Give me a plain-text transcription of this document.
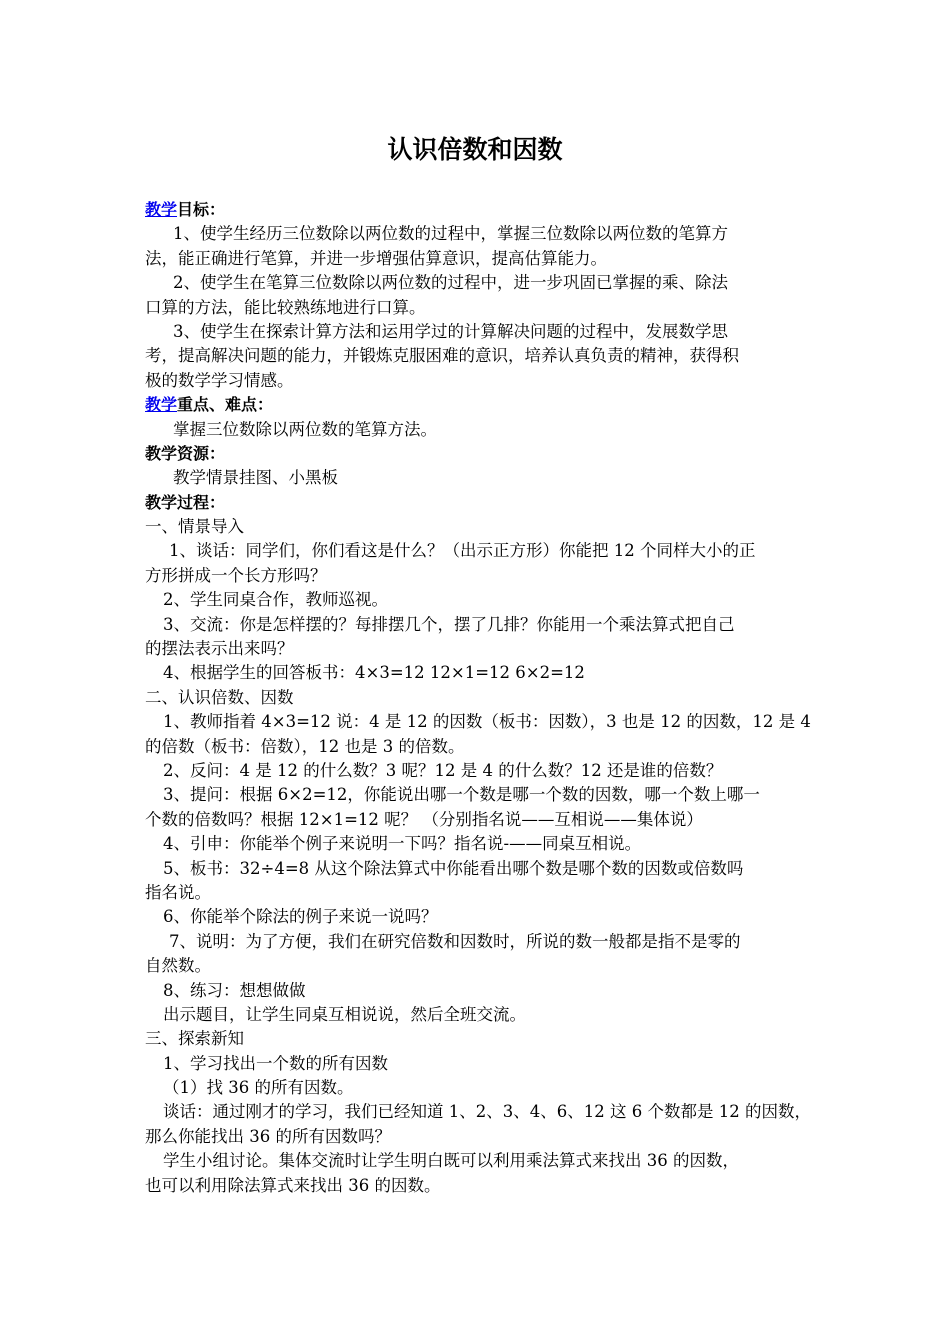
认识倍数和因数
教学目标：
1、使学生经历三位数除以两位数的过程中，掌握三位数除以两位数的笔算方
法，能正确进行笔算，并进一步增强估算意识，提高估算能力。
2、使学生在笔算三位数除以两位数的过程中，进一步巩固已掌握的乘、除法
口算的方法，能比较熟练地进行口算。
3、使学生在探索计算方法和运用学过的计算解决问题的过程中，发展数学思
考，提高解决问题的能力，并锻炼克服困难的意识，培养认真负责的精神，获得积
极的数学学习情感。
教学重点、难点：
掌握三位数除以两位数的笔算方法。
教学资源：
教学情景挂图、小黑板
教学过程：
一、情景导入
1、谈话：同学们，你们看这是什么？（出示正方形）你能把 12 个同样大小的正
方形拼成一个长方形吗？
2、学生同桌合作，教师巡视。
3、交流：你是怎样摆的？每排摆几个，摆了几排？你能用一个乘法算式把自己
的摆法表示出来吗？
4、根据学生的回答板书：4×3=12 12×1=12 6×2=12
二、认识倍数、因数
1、教师指着 4×3=12 说：4 是 12 的因数（板书：因数），3 也是 12 的因数，12 是 4
的倍数（板书：倍数），12 也是 3 的倍数。
2、反问：4 是 12 的什么数？3 呢？12 是 4 的什么数？12 还是谁的倍数？
3、提问：根据 6×2=12，你能说出哪一个数是哪一个数的因数，哪一个数上哪一
个数的倍数吗？根据 12×1=12 呢？ （分别指名说——互相说——集体说）
4、引申：你能举个例子来说明一下吗？指名说-——同桌互相说。
5、板书：32÷4=8 从这个除法算式中你能看出哪个数是哪个数的因数或倍数吗
指名说。
6、你能举个除法的例子来说一说吗？
7、说明：为了方便，我们在研究倍数和因数时，所说的数一般都是指不是零的
自然数。
8、练习：想想做做
出示题目，让学生同桌互相说说，然后全班交流。
三、探索新知
1、学习找出一个数的所有因数
（1）找 36 的所有因数。
谈话：通过刚才的学习，我们已经知道 1、2、3、4、6、12 这 6 个数都是 12 的因数，
那么你能找出 36 的所有因数吗？
学生小组讨论。集体交流时让学生明白既可以利用乘法算式来找出 36 的因数，
也可以利用除法算式来找出 36 的因数。
